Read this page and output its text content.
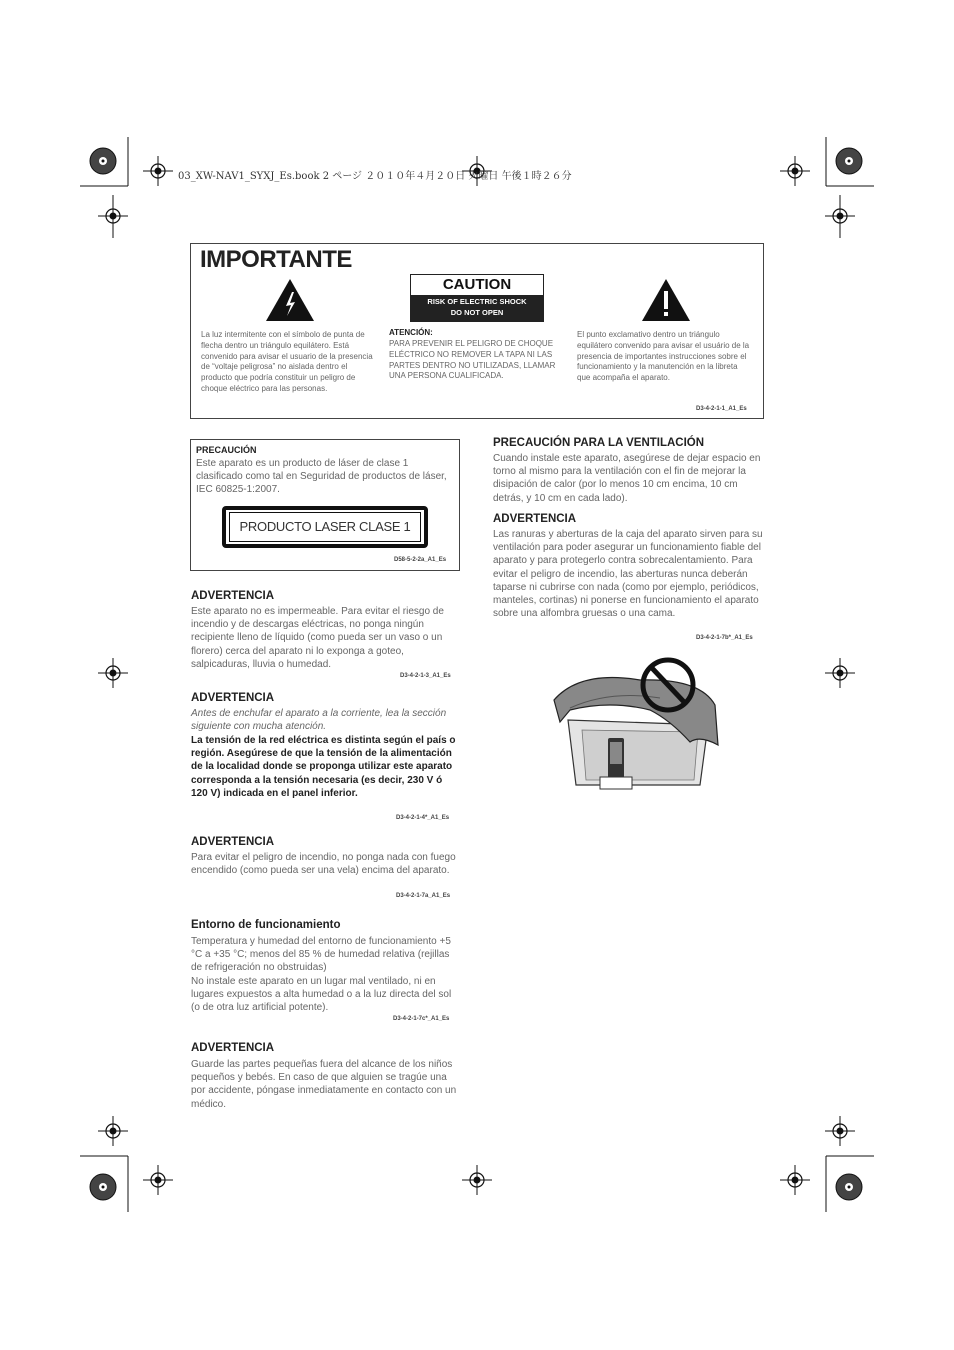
03_XW-NAV1_SYXJ_Es.book 2 ページ ２０１０年４月２０日 火曜日 午後１時２６分
IMPORTANTE
La luz intermitente con el símbolo de punta de flecha dentro un triángulo equilátero. Está convenido para avisar el usuario de la presencia de “voltaje peligrosa” no aislada dentro el producto que podría constituir un peligro de choque eléctrico para las personas.
CAUTION
RISK OF ELECTRIC SHOCK
DO NOT OPEN
ATENCIÓN:
PARA PREVENIR EL PELIGRO DE CHOQUE ELÉCTRICO NO REMOVER LA TAPA NI LAS PARTES DENTRO NO UTILIZADAS, LLAMAR UNA PERSONA CUALIFICADA.
El punto exclamativo dentro un triángulo equilátero convenido para avisar el usuário de la presencia de importantes instrucciones sobre el funcionamiento y la manutención en la libreta que acompaña el aparato.
D3-4-2-1-1_A1_Es
PRECAUCIÓN
Este aparato es un producto de láser de clase 1 clasificado como tal en Seguridad de productos de láser, IEC 60825-1:2007.
PRODUCTO LASER CLASE 1
D58-5-2-2a_A1_Es
ADVERTENCIA
Este aparato no es impermeable. Para evitar el riesgo de incendio y de descargas eléctricas, no ponga ningún recipiente lleno de líquido (como pueda ser un vaso o un florero) cerca del aparato ni lo exponga a goteo, salpicaduras, lluvia o humedad.
D3-4-2-1-3_A1_Es
ADVERTENCIA
Antes de enchufar el aparato a la corriente, lea la sección siguiente con mucha atención.
La tensión de la red eléctrica es distinta según el país o región. Asegúrese de que la tensión de la alimentación de la localidad donde se proponga utilizar este aparato corresponda a la tensión necesaria (es decir, 230 V ó 120 V) indicada en el panel inferior.
D3-4-2-1-4*_A1_Es
ADVERTENCIA
Para evitar el peligro de incendio, no ponga nada con fuego encendido (como pueda ser una vela) encima del aparato.
D3-4-2-1-7a_A1_Es
Entorno de funcionamiento
Temperatura y humedad del entorno de funcionamiento +5 °C a +35 °C; menos del 85 % de humedad relativa (rejillas de refrigeración no obstruidas)
No instale este aparato en un lugar mal ventilado, ni en lugares expuestos a alta humedad o a la luz directa del sol (o de otra luz artificial potente).
D3-4-2-1-7c*_A1_Es
ADVERTENCIA
Guarde las partes pequeñas fuera del alcance de los niños pequeños y bebés. En caso de que alguien se tragúe una por accidente, póngase inmediatamente en contacto con un médico.
PRECAUCIÓN PARA LA VENTILACIÓN
Cuando instale este aparato, asegúrese de dejar espacio en torno al mismo para la ventilación con el fin de mejorar la disipación de calor (por lo menos 10 cm encima, 10 cm detrás, y 10 cm en cada lado).
ADVERTENCIA
Las ranuras y aberturas de la caja del aparato sirven para su ventilación para poder asegurar un funcionamiento fiable del aparato y para protegerlo contra sobrecalentamiento. Para evitar el peligro de incendio, las aberturas nunca deberán taparse ni cubrirse con nada (como por ejemplo, periódicos, manteles, cortinas) ni ponerse en funcionamiento el aparato sobre una alfombra gruesas o una cama.
D3-4-2-1-7b*_A1_Es
